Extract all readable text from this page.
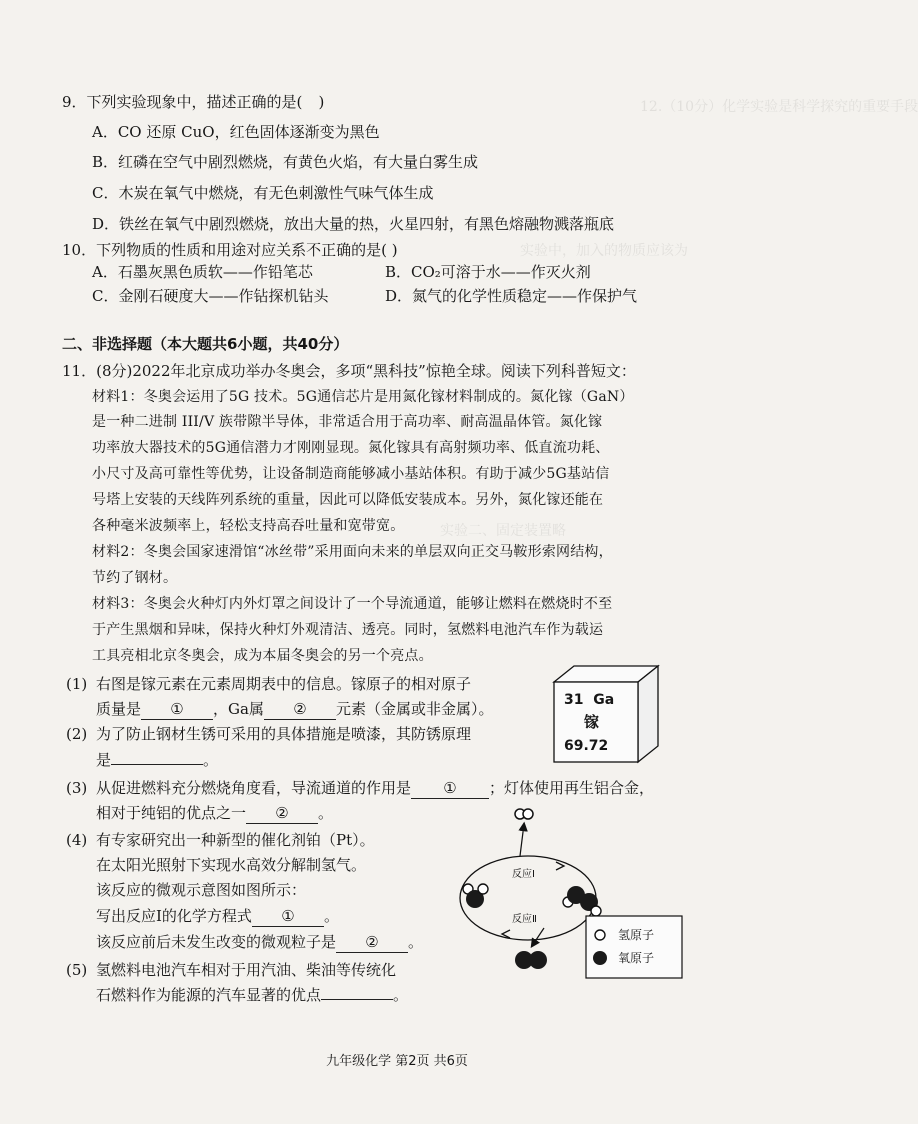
12.（10分）化学实验是科学探究的重要手段
实验中，加入的物质应该为
实验二、固定装置略
9．下列实验现象中，描述正确的是()
A．CO 还原 CuO，红色固体逐渐变为黑色
B．红磷在空气中剧烈燃烧，有黄色火焰，有大量白雾生成
C．木炭在氧气中燃烧，有无色刺激性气味气体生成
D．铁丝在氧气中剧烈燃烧，放出大量的热，火星四射，有黑色熔融物溅落瓶底
10．下列物质的性质和用途对应关系不正确的是( )
A．石墨灰黑色质软——作铅笔芯	B．CO₂可溶于水——作灭火剂
C．金刚石硬度大——作钻探机钻头	D．氮气的化学性质稳定——作保护气
二、非选择题（本大题共6小题，共40分）
11．(8分)2022年北京成功举办冬奥会，多项“黑科技”惊艳全球。阅读下列科普短文：
材料1：冬奥会运用了5G 技术。5G通信芯片是用氮化镓材料制成的。氮化镓（GaN）
是一种二进制 III/V 族带隙半导体，非常适合用于高功率、耐高温晶体管。氮化镓
功率放大器技术的5G通信潜力才刚刚显现。氮化镓具有高射频功率、低直流功耗、
小尺寸及高可靠性等优势，让设备制造商能够减小基站体积。有助于减少5G基站信
号塔上安装的天线阵列系统的重量，因此可以降低安装成本。另外，氮化镓还能在
各种毫米波频率上，轻松支持高吞吐量和宽带宽。
材料2：冬奥会国家速滑馆“冰丝带”采用面向未来的单层双向正交马鞍形索网结构，
节约了钢材。
材料3：冬奥会火种灯内外灯罩之间设计了一个导流通道，能够让燃料在燃烧时不至
于产生黑烟和异味，保持火种灯外观清洁、透亮。同时，氢燃料电池汽车作为载运
工具亮相北京冬奥会，成为本届冬奥会的另一个亮点。
(1) 右图是镓元素在元素周期表中的信息。镓原子的相对原子
质量是 ① ，Ga属 ② 元素（金属或非金属）。	31 Ga
镓
69.72
(2) 为了防止钢材生锈可采用的具体措施是喷漆，其防锈原理
是	。
(3) 从促进燃料充分燃烧角度看，导流通道的作用是 ① ；灯体使用再生铝合金，
相对于纯铝的优点之一 ② 。
(4) 有专家研究出一种新型的催化剂铂（Pt）。
在太阳光照射下实现水高效分解制氢气。
该反应的微观示意图如图所示：
写出反应Ⅰ的化学方程式 ① 。
该反应前后未发生改变的微观粒子是 ② 。
(5) 氢燃料电池汽车相对于用汽油、柴油等传统化
石燃料作为能源的汽车显著的优点	。
反应Ⅰ
反应Ⅱ
氢原子
氧原子
九年级化学 第2页 共6页
